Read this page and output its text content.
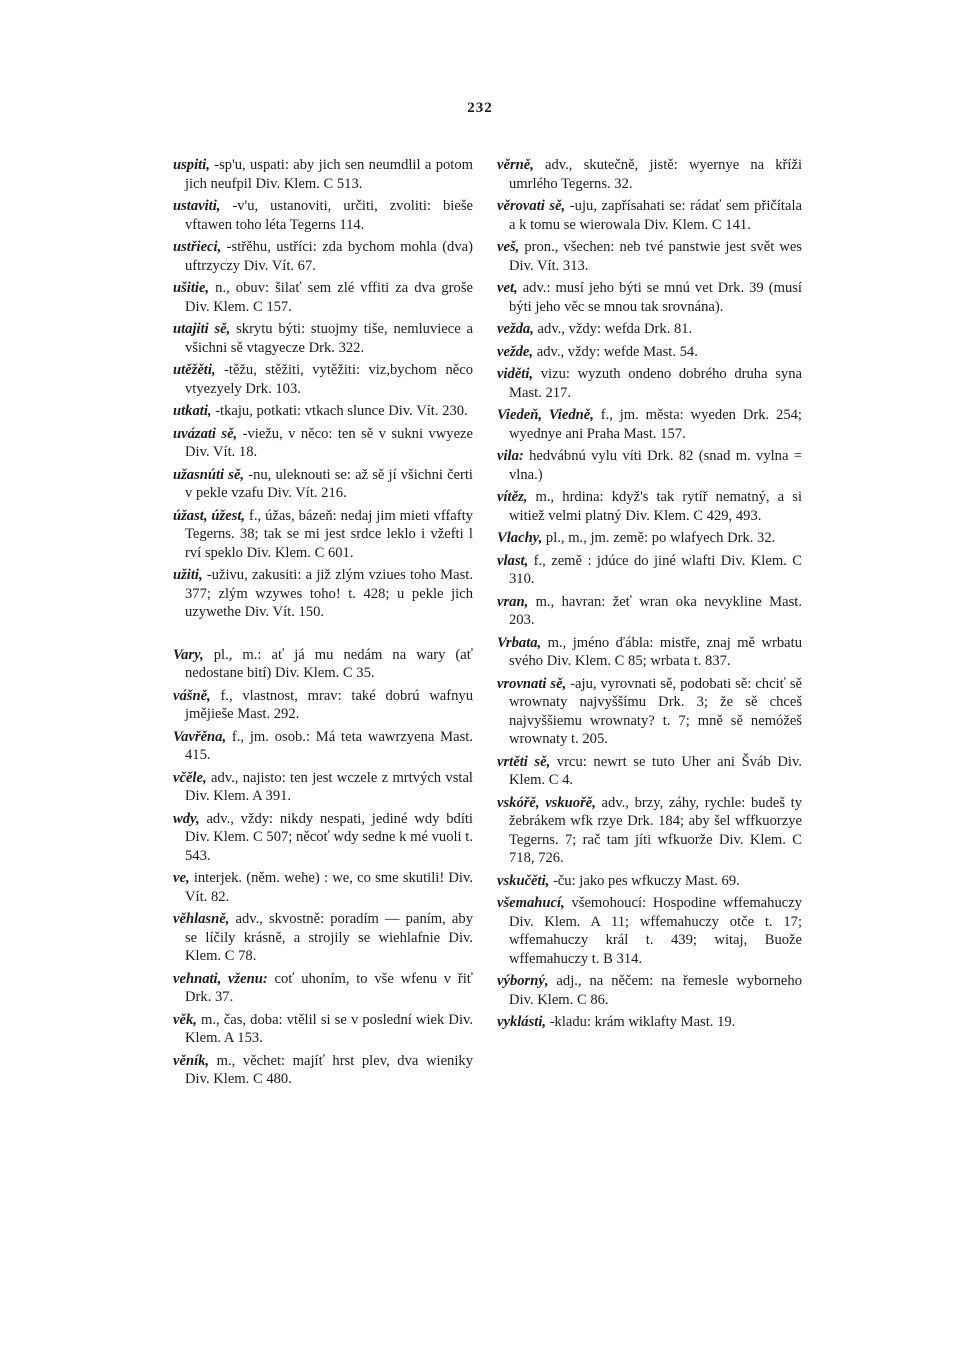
232

uspiti, -sp'u, uspati: aby jich sen neumdlil a potom jich neufpil Div. Klem. C 513.

ustaviti, -v'u, ustanoviti, určiti, zvoliti: bieše vftawen toho léta Tegerns 114.

ustřieci, -střěhu, ustříci: zda bychom mohla (dva) uftrzyczy Div. Vít. 67.

ušitie, n., obuv: šilať sem zlé vffiti za dva groše Div. Klem. C 157.

utajiti sě, skrytu býti: stuojmy tiše, nemluviece a všichni sě vtagyecze Drk. 322.

utěžěti, -těžu, stěžiti, vytěžiti: viz,bychom něco vtyezyely Drk. 103.

utkati, -tkaju, potkati: vtkach slunce Div. Vít. 230.

uvázati sě, -viežu, v něco: ten sě v sukni vwyeze Div. Vít. 18.

užasnúti sě, -nu, uleknouti se: až sě jí všichni čerti v pekle vzafu Div. Vít. 216.

úžast, úžest, f., úžas, bázeň: nedaj jim mieti vffafty Tegerns. 38; tak se mi jest srdce leklo i vžefti l rví speklo Div. Klem. C 601.

užiti, -uživu, zakusiti: a již zlým vziues toho Mast. 377; zlým wzywes toho! t. 428; u pekle jich uzywethe Div. Vít. 150.

Vary, pl., m.: ať já mu nedám na wary (ať nedostane bití) Div. Klem. C 35.

vášně, f., vlastnost, mrav: také dobrú wafnyu jmějieše Mast. 292.

Vavřěna, f., jm. osob.: Má teta wawrzyena Mast. 415.

včěle, adv., najisto: ten jest wczele z mrtvých vstal Div. Klem. A 391.

wdy, adv., vždy: nikdy nespati, jediné wdy bdíti Div. Klem. C 507; něcoť wdy sedne k mé vuoli t. 543.

ve, interjek. (něm. wehe) : we, co sme skutili! Div. Vít. 82.

věhlasně, adv., skvostně: poradím — paním, aby se líčily krásně, a strojily se wiehlafnie Div. Klem. C 78.

vehnati, vženu: coť uhoním, to vše wfenu v řiť Drk. 37.

věk, m., čas, doba: vtělil si se v poslední wiek Div. Klem. A 153.

věník, m., věchet: majíť hrst plev, dva wieniky Div. Klem. C 480.

věrně, adv., skutečně, jistě: wyernye na kříži umrlého Tegerns. 32.

věrovati sě, -uju, zapřísahati se: rádať sem přičítala a k tomu se wierowala Div. Klem. C 141.

veš, pron., všechen: neb tvé panstwie jest svět wes Div. Vít. 313.

vet, adv.: musí jeho býti se mnú vet Drk. 39 (musí býti jeho věc se mnou tak srovnána).

vežda, adv., vždy: wefda Drk. 81.

vežde, adv., vždy: wefde Mast. 54.

viděti, vizu: wyzuth ondeno dobrého druha syna Mast. 217.

Viedeň, Viedně, f., jm. města: wyeden Drk. 254; wyednye ani Praha Mast. 157.

vila: hedvábnú vylu víti Drk. 82 (snad m. vylna = vlna.)

vítěz, m., hrdina: když's tak rytíř nematný, a si witiež velmi platný Div. Klem. C 429, 493.

Vlachy, pl., m., jm. země: po wlafyech Drk. 32.

vlast, f., země : jdúce do jiné wlafti Div. Klem. C 310.

vran, m., havran: žeť wran oka nevykline Mast. 203.

Vrbata, m., jméno ďábla: mistře, znaj mě wrbatu svého Div. Klem. C 85; wrbata t. 837.

vrovnati sě, -aju, vyrovnati sě, podobati sě: chciť sě wrownaty najvyššímu Drk. 3; že sě chceš najvyššiemu wrownaty? t. 7; mně sě nemóžeš wrownaty t. 205.

vrtěti sě, vrcu: newrt se tuto Uher ani Šváb Div. Klem. C 4.

vskóřě, vskuořě, adv., brzy, záhy, rychle: budeš ty žebrákem wfk rzye Drk. 184; aby šel wffkuorzye Tegerns. 7; rač tam jíti wfkuorže Div. Klem. C 718, 726.

vskučěti, -ču: jako pes wfkuczy Mast. 69.

všemahucí, všemohoucí: Hospodine wffemahuczy Div. Klem. A 11; wffemahuczy otče t. 17; wffemahuczy král t. 439; witaj, Buože wffemahuczy t. B 314.

výborný, adj., na něčem: na řemesle wyborneho Div. Klem. C 86.

vyklásti, -kladu: krám wiklafty Mast. 19.
